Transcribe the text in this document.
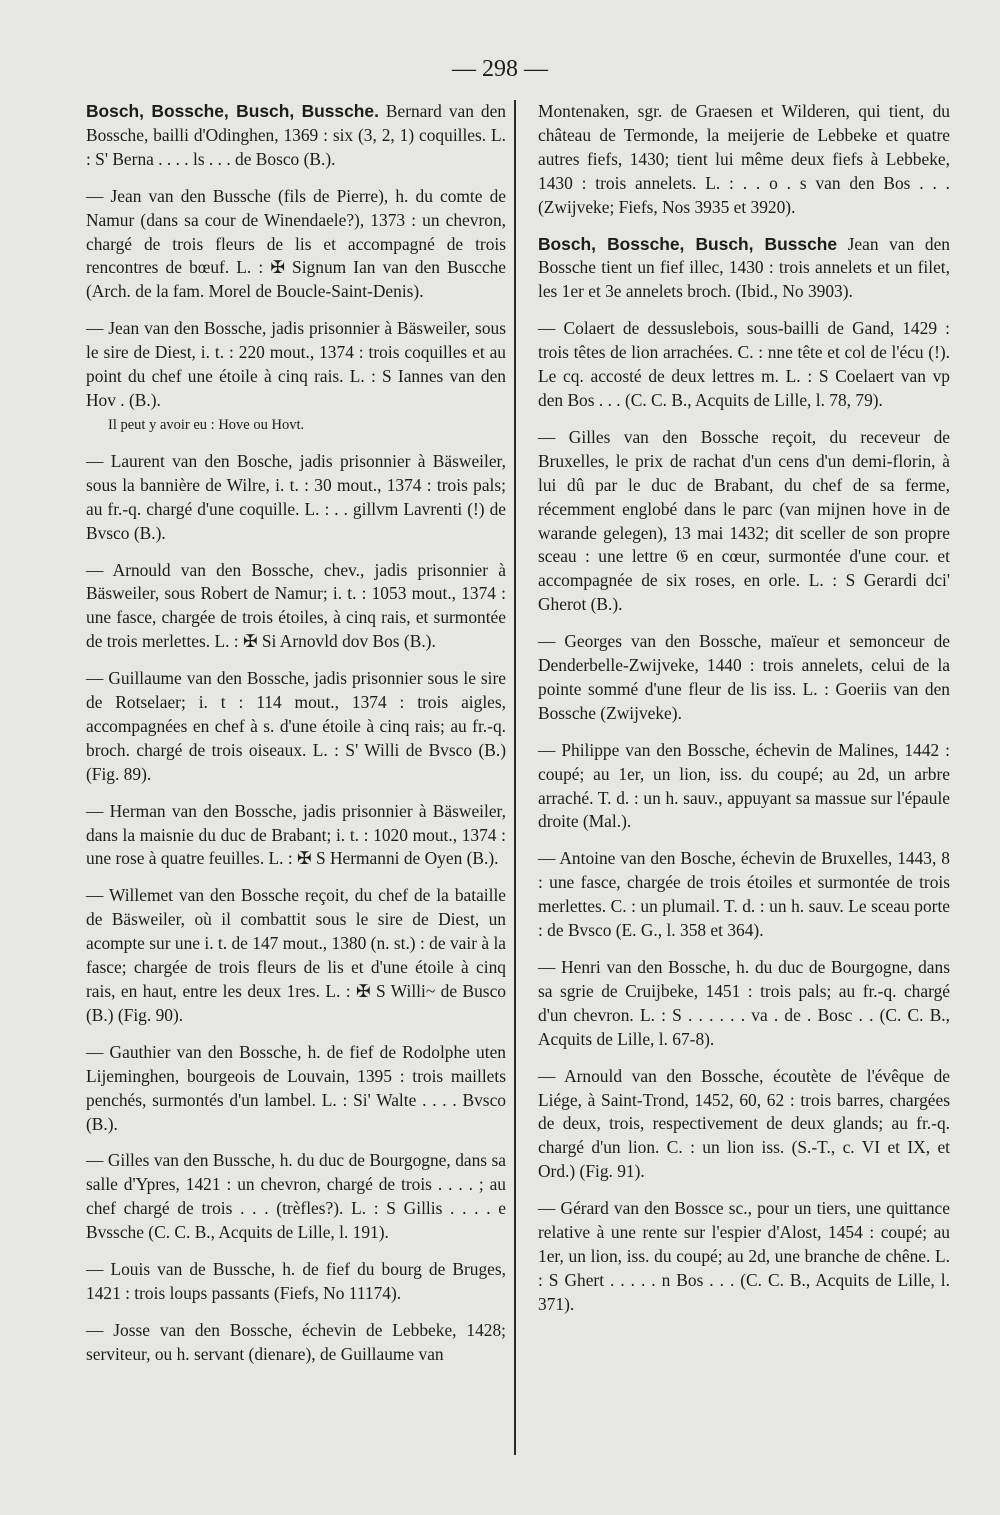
— 298 —

Bosch, Bossche, Busch, Bussche. Bernard van den Bossche, bailli d'Odinghen, 1369 : six (3, 2, 1) coquilles. L. : S' Berna . . . . ls . . . de Bosco (B.).

— Jean van den Bussche (fils de Pierre), h. du comte de Namur (dans sa cour de Winendaele?), 1373 : un chevron, chargé de trois fleurs de lis et accompagné de trois rencontres de bœuf. L. : ✠ Signum Ian van den Buscche (Arch. de la fam. Morel de Boucle-Saint-Denis).

— Jean van den Bossche, jadis prisonnier à Bäsweiler, sous le sire de Diest, i. t. : 220 mout., 1374 : trois coquilles et au point du chef une étoile à cinq rais. L. : S Iannes van den Hov . (B.).

Il peut y avoir eu : Hove ou Hovt.

— Laurent van den Bosche, jadis prisonnier à Bäsweiler, sous la bannière de Wilre, i. t. : 30 mout., 1374 : trois pals; au fr.-q. chargé d'une coquille. L. : . . gillvm Lavrenti (!) de Bvsco (B.).

— Arnould van den Bossche, chev., jadis prisonnier à Bäsweiler, sous Robert de Namur; i. t. : 1053 mout., 1374 : une fasce, chargée de trois étoiles, à cinq rais, et surmontée de trois merlettes. L. : ✠ Si Arnovld dov Bos (B.).

— Guillaume van den Bossche, jadis prisonnier sous le sire de Rotselaer; i. t : 114 mout., 1374 : trois aigles, accompagnées en chef à s. d'une étoile à cinq rais; au fr.-q. broch. chargé de trois oiseaux. L. : S' Willi de Bvsco (B.) (Fig. 89).

— Herman van den Bossche, jadis prisonnier à Bäsweiler, dans la maisnie du duc de Brabant; i. t. : 1020 mout., 1374 : une rose à quatre feuilles. L. : ✠ S Hermanni de Oyen (B.).

— Willemet van den Bossche reçoit, du chef de la bataille de Bäsweiler, où il combattit sous le sire de Diest, un acompte sur une i. t. de 147 mout., 1380 (n. st.) : de vair à la fasce; chargée de trois fleurs de lis et d'une étoile à cinq rais, en haut, entre les deux 1res. L. : ✠ S Willi~ de Busco (B.) (Fig. 90).

— Gauthier van den Bossche, h. de fief de Rodolphe uten Lijeminghen, bourgeois de Louvain, 1395 : trois maillets penchés, surmontés d'un lambel. L. : Si' Walte . . . . Bvsco (B.).

— Gilles van den Bussche, h. du duc de Bourgogne, dans sa salle d'Ypres, 1421 : un chevron, chargé de trois . . . . ; au chef chargé de trois . . . (trèfles?). L. : S Gillis . . . . e Bvssche (C. C. B., Acquits de Lille, l. 191).

— Louis van de Bussche, h. de fief du bourg de Bruges, 1421 : trois loups passants (Fiefs, No 11174).

— Josse van den Bossche, échevin de Lebbeke, 1428; serviteur, ou h. servant (dienare), de Guillaume van

Montenaken, sgr. de Graesen et Wilderen, qui tient, du château de Termonde, la meijerie de Lebbeke et quatre autres fiefs, 1430; tient lui même deux fiefs à Lebbeke, 1430 : trois annelets. L. : . . o . s van den Bos . . . (Zwijveke; Fiefs, Nos 3935 et 3920).

Bosch, Bossche, Busch, Bussche Jean van den Bossche tient un fief illec, 1430 : trois annelets et un filet, les 1er et 3e annelets broch. (Ibid., No 3903).

— Colaert de dessuslebois, sous-bailli de Gand, 1429 : trois têtes de lion arrachées. C. : nne tête et col de l'écu (!). Le cq. accosté de deux lettres m. L. : S Coelaert van vp den Bos . . . (C. C. B., Acquits de Lille, l. 78, 79).

— Gilles van den Bossche reçoit, du receveur de Bruxelles, le prix de rachat d'un cens d'un demi-florin, à lui dû par le duc de Brabant, du chef de sa ferme, récemment englobé dans le parc (van mijnen hove in de warande gelegen), 13 mai 1432; dit sceller de son propre sceau : une lettre 𝔊 en cœur, surmontée d'une cour. et accompagnée de six roses, en orle. L. : S Gerardi dci' Gherot (B.).

— Georges van den Bossche, maïeur et semonceur de Denderbelle-Zwijveke, 1440 : trois annelets, celui de la pointe sommé d'une fleur de lis iss. L. : Goeriis van den Bossche (Zwijveke).

— Philippe van den Bossche, échevin de Malines, 1442 : coupé; au 1er, un lion, iss. du coupé; au 2d, un arbre arraché. T. d. : un h. sauv., appuyant sa massue sur l'épaule droite (Mal.).

— Antoine van den Bosche, échevin de Bruxelles, 1443, 8 : une fasce, chargée de trois étoiles et surmontée de trois merlettes. C. : un plumail. T. d. : un h. sauv. Le sceau porte : de Bvsco (E. G., l. 358 et 364).

— Henri van den Bossche, h. du duc de Bourgogne, dans sa sgrie de Cruijbeke, 1451 : trois pals; au fr.-q. chargé d'un chevron. L. : S . . . . . . va . de . Bosc . . (C. C. B., Acquits de Lille, l. 67-8).

— Arnould van den Bossche, écoutète de l'évêque de Liége, à Saint-Trond, 1452, 60, 62 : trois barres, chargées de deux, trois, respectivement de deux glands; au fr.-q. chargé d'un lion. C. : un lion iss. (S.-T., c. VI et IX, et Ord.) (Fig. 91).

— Gérard van den Bossce sc., pour un tiers, une quittance relative à une rente sur l'espier d'Alost, 1454 : coupé; au 1er, un lion, iss. du coupé; au 2d, une branche de chêne. L. : S Ghert . . . . . n Bos . . . (C. C. B., Acquits de Lille, l. 371).
